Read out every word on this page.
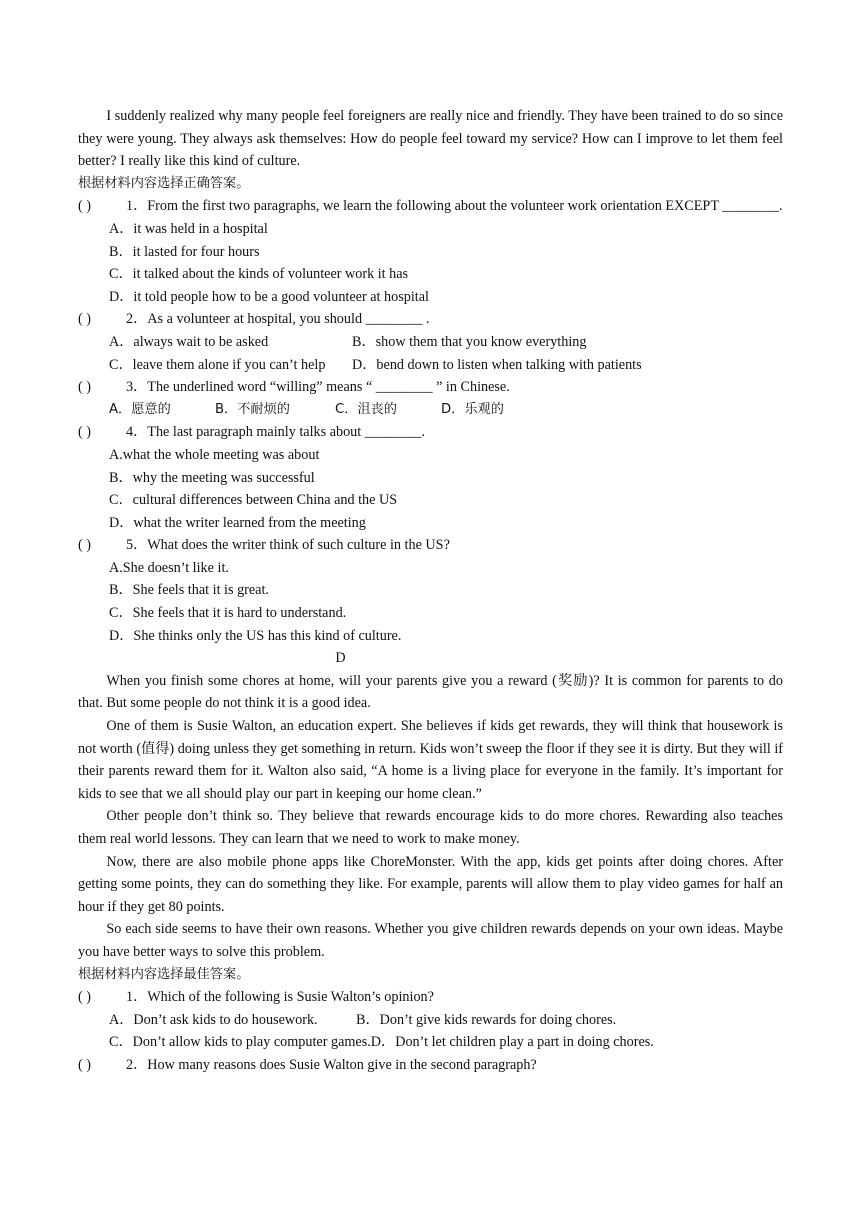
I suddenly realized why many people feel foreigners are really nice and friendly. They have been trained to do so since they were young. They always ask themselves: How do people feel toward my service? How can I improve to let them feel better? I really like this kind of culture.

根据材料内容选择正确答案。

( ) 1．From the first two paragraphs, we learn the following about the volunteer work orientation EXCEPT ________.

A．it was held in a hospital

B．it lasted for four hours

C．it talked about the kinds of volunteer work it has

D．it told people how to be a good volunteer at hospital

( ) 2．As a volunteer at hospital, you should ________ .

A．always wait to be asked	B．show them that you know everything

C．leave them alone if you can’t help	D．bend down to listen when talking with patients

( ) 3．The underlined word “willing” means “ ________ ” in Chinese.

A．愿意的	B．不耐烦的	C．沮丧的	D．乐观的

( ) 4．The last paragraph mainly talks about ________.

A.what the whole meeting was about

B．why the meeting was successful

C．cultural differences between China and the US

D．what the writer learned from the meeting

( ) 5．What does the writer think of such culture in the US?

A.She doesn’t like it.

B．She feels that it is great.

C．She feels that it is hard to understand.

D．She thinks only the US has this kind of culture.

D

When you finish some chores at home, will your parents give you a reward (奖励)? It is common for parents to do that. But some people do not think it is a good idea.

One of them is Susie Walton, an education expert. She believes if kids get rewards, they will think that housework is not worth (值得) doing unless they get something in return. Kids won’t sweep the floor if they see it is dirty. But they will if their parents reward them for it. Walton also said, “A home is a living place for everyone in the family. It’s important for kids to see that we all should play our part in keeping our home clean.”

Other people don’t think so. They believe that rewards encourage kids to do more chores. Rewarding also teaches them real world lessons. They can learn that we need to work to make money.

Now, there are also mobile phone apps like ChoreMonster. With the app, kids get points after doing chores. After getting some points, they can do something they like. For example, parents will allow them to play video games for half an hour if they get 80 points.

So each side seems to have their own reasons. Whether you give children rewards depends on your own ideas. Maybe you have better ways to solve this problem.

根据材料内容选择最佳答案。

( ) 1．Which of the following is Susie Walton’s opinion?

A．Don’t ask kids to do housework.	B．Don’t give kids rewards for doing chores.

C．Don’t allow kids to play computer games. D．Don’t let children play a part in doing chores.

( ) 2．How many reasons does Susie Walton give in the second paragraph?
